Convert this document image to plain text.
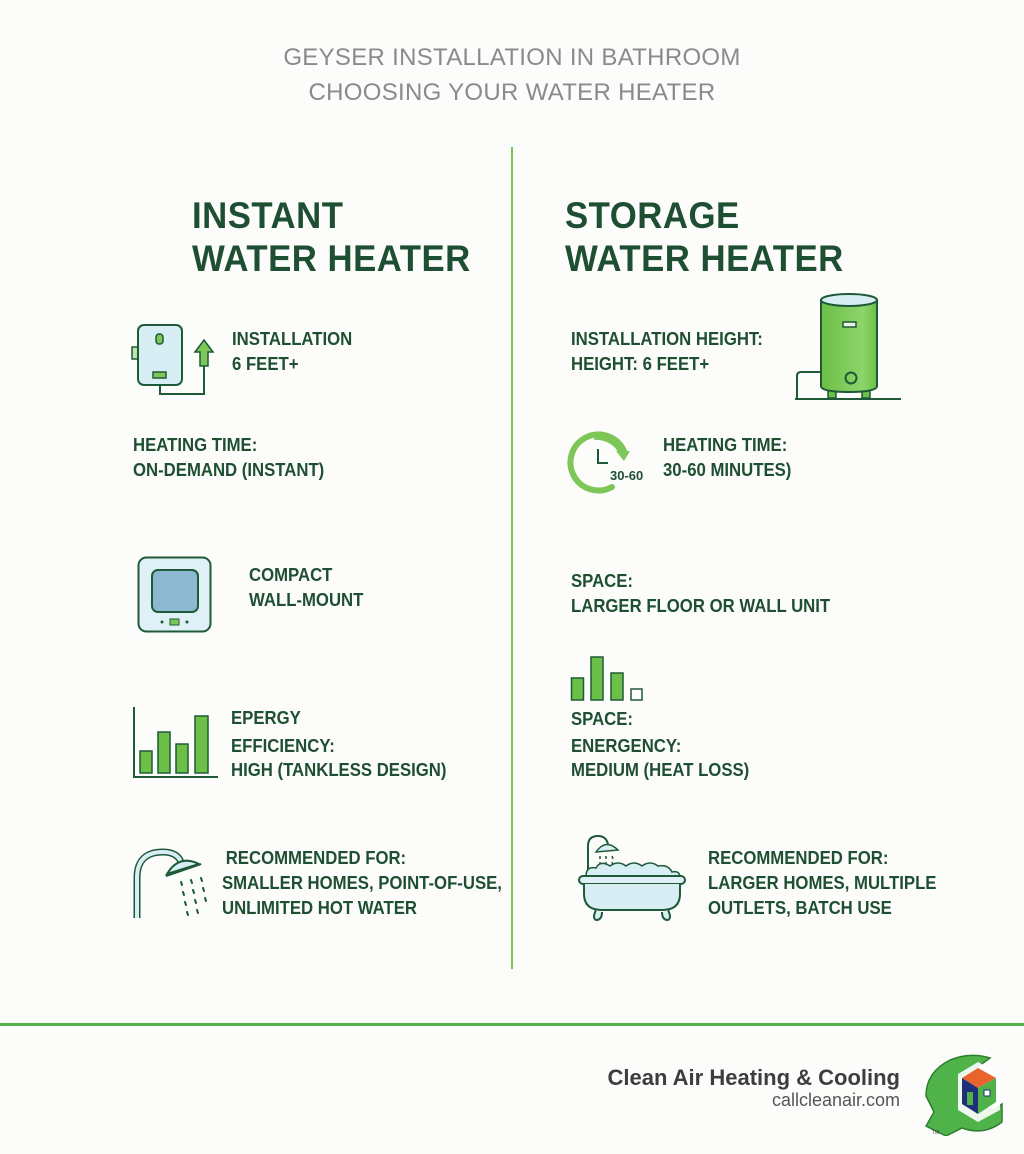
GEYSER INSTALLATION IN BATHROOM
CHOOSING YOUR WATER HEATER
INSTANT
WATER HEATER
INSTALLATION
6 FEET+
HEATING TIME:
ON-DEMAND (INSTANT)
COMPACT
WALL-MOUNT
EPERGY
EFFICIENCY:
HIGH (TANKLESS DESIGN)
RECOMMENDED FOR:
SMALLER HOMES, POINT-OF-USE,
UNLIMITED HOT WATER
STORAGE
WATER HEATER
INSTALLATION HEIGHT:
HEIGHT: 6 FEET+
30-60
HEATING TIME:
30-60 MINUTES)
SPACE:
LARGER FLOOR OR WALL UNIT
SPACE:
ENERGENCY:
MEDIUM (HEAT LOSS)
RECOMMENDED FOR:
LARGER HOMES, MULTIPLE
OUTLETS, BATCH USE
Clean Air Heating & Cooling
callcleanair.com
TM
